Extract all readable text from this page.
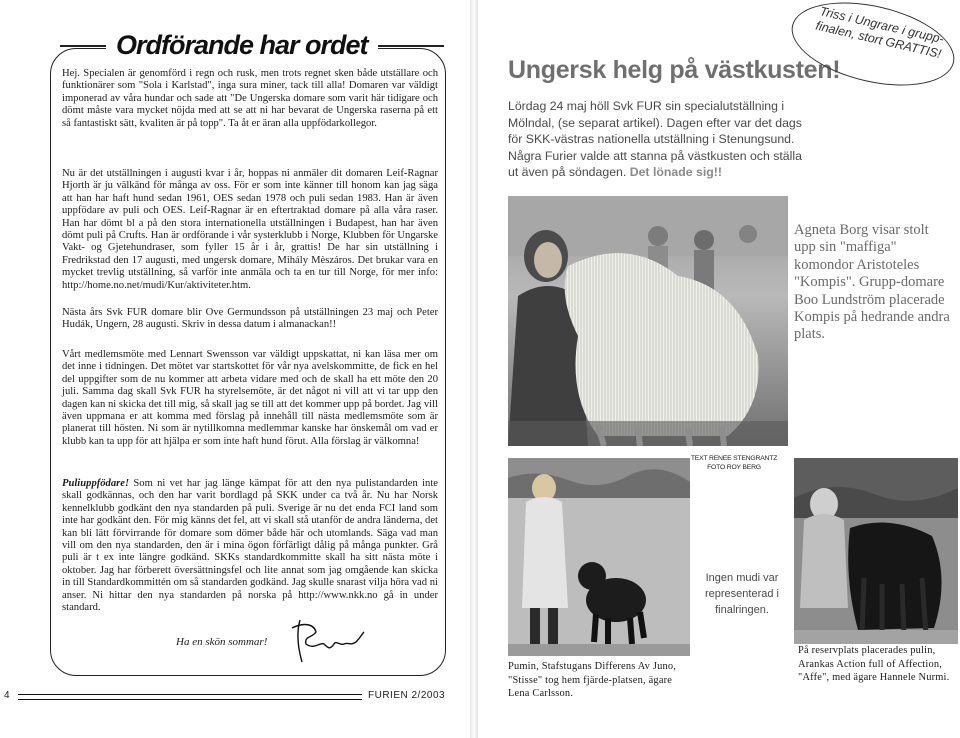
Ordförande har ordet

Hej. Specialen är genomförd i regn och rusk, men trots regnet sken både utställare och funktionärer som "Sola i Karlstad", inga sura miner, tack till alla! Domaren var väldigt imponerad av våra hundar och sade att "De Ungerska domare som varit här tidigare och dömt måste vara mycket nöjda med att se att ni har bevarat de Ungerska raserna på ett så fantastiskt sätt, kvaliten är på topp". Ta åt er äran alla uppfödarkollegor.

Nu är det utställningen i augusti kvar i år, hoppas ni anmäler dit domaren Leif-Ragnar Hjorth är ju välkänd för många av oss. För er som inte känner till honom kan jag säga att han har haft hund sedan 1961, OES sedan 1978 och puli sedan 1983. Han är även uppfödare av puli och OES. Leif-Ragnar är en eftertraktad domare på alla våra raser. Han har dömt bl a på den stora internationella utställningen i Budapest, han har även dömt puli på Crufts. Han är ordförande i vår systerklubb i Norge, Klubben för Ungarske Vakt- og Gjetehundraser, som fyller 15 år i år, grattis! De har sin utställning i Fredrikstad den 17 augusti, med ungersk domare, Mihály Mèszáros. Det brukar vara en mycket trevlig utställning, så varför inte anmäla och ta en tur till Norge, för mer info: http://home.no.net/mudi/Kur/aktiviteter.htm.

Nästa års Svk FUR domare blir Ove Germundsson på utställningen 23 maj och Peter Hudák, Ungern, 28 augusti. Skriv in dessa datum i almanackan!!

Vårt medlemsmöte med Lennart Swensson var väldigt uppskattat, ni kan läsa mer om det inne i tidningen. Det mötet var startskottet för vår nya avelskommitte, de fick en hel del uppgifter som de nu kommer att arbeta vidare med och de skall ha ett möte den 20 juli. Samma dag skall Svk FUR ha styrelsemöte, är det något ni vill att vi tar upp den dagen kan ni skicka det till mig, så skall jag se till att det kommer upp på bordet. Jag vill även uppmana er att komma med förslag på innehåll till nästa medlemsmöte som är planerat till hösten. Ni som är nytillkomna medlemmar kanske har önskemål om vad er klubb kan ta upp för att hjälpa er som inte haft hund förut. Alla förslag är välkomna!

Puliuppfödare! Som ni vet har jag länge kämpat för att den nya pulistandarden inte skall godkännas, och den har varit bordlagd på SKK under ca två år. Nu har Norsk kennelklubb godkänt den nya standarden på puli. Sverige är nu det enda FCI land som inte har godkänt den. För mig känns det fel, att vi skall stå utanför de andra länderna, det kan bli lätt förvirrande för domare som dömer både här och utomlands. Säga vad man vill om den nya standarden, den är i mina ögon förfärligt dålig på många punkter. Grå puli är t ex inte längre godkänd. SKKs standardkommitte skall ha sitt nästa möte i oktober. Jag har förberett översättningsfel och lite annat som jag omgående kan skicka in till Standardkommittén om så standarden godkänd. Jag skulle snarast vilja höra vad ni anser. Ni hittar den nya standarden på norska på http://www.nkk.no gå in under standard.

Ha en skön sommar!
4	FURIEN 2/2003
Ungersk helg på västkusten!
Triss i Ungrare i grupp-finalen, stort GRATTIS!

Lördag 24 maj höll Svk FUR sin specialutställning i Mölndal, (se separat artikel). Dagen efter var det dags för SKK-västras nationella utställning i Stenungsund. Några Furier valde att stanna på västkusten och ställa ut även på söndagen. Det lönade sig!!

Agneta Borg visar stolt upp sin "maffiga" komondor Aristoteles "Kompis". Grupp-domare Boo Lundström placerade Kompis på hedrande andra plats.
TEXT RENEE STENGRANTZ FOTO ROY BERG
Ingen mudi var representerad i finalringen.
Pumin, Stafstugans Differens Av Juno, "Stisse" tog hem fjärde-platsen, ägare Lena Carlsson.
På reservplats placerades pulin, Arankas Action full of Affection, "Affe", med ägare Hannele Nurmi.
